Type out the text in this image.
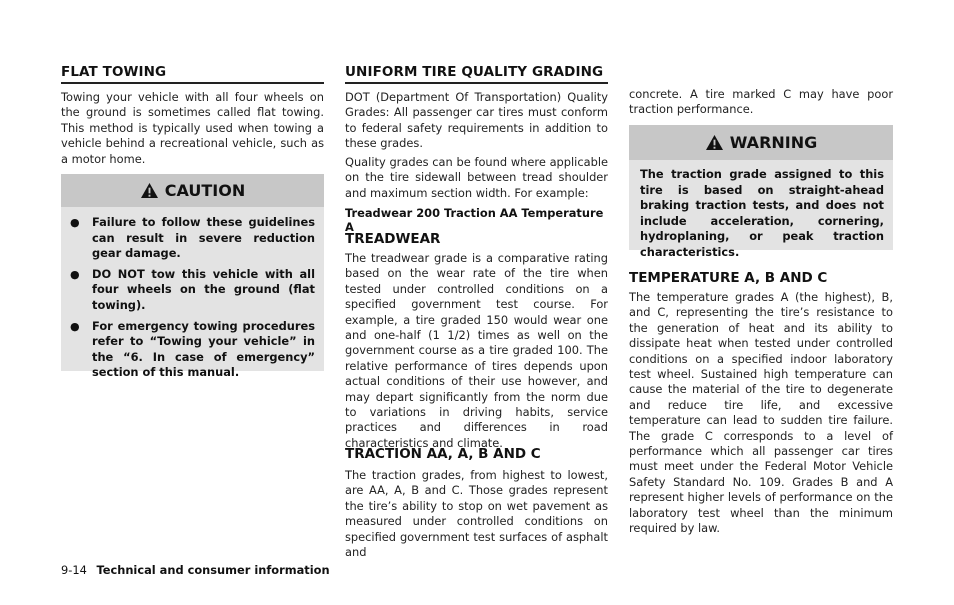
FLAT TOWING
Towing your vehicle with all four wheels on the ground is sometimes called flat towing. This method is typically used when towing a vehicle behind a recreational vehicle, such as a motor home.
CAUTION
● Failure to follow these guidelines can result in severe reduction gear damage.
● DO NOT tow this vehicle with all four wheels on the ground (flat towing).
● For emergency towing procedures refer to “Towing your vehicle” in the “6. In case of emergency” section of this manual.
UNIFORM TIRE QUALITY GRADING
DOT (Department Of Transportation) Quality Grades: All passenger car tires must conform to federal safety requirements in addition to these grades.
Quality grades can be found where applicable on the tire sidewall between tread shoulder and maximum section width. For example:
Treadwear 200 Traction AA Temperature A
TREADWEAR
The treadwear grade is a comparative rating based on the wear rate of the tire when tested under controlled conditions on a specified government test course. For example, a tire graded 150 would wear one and one-half (1 1/2) times as well on the government course as a tire graded 100. The relative performance of tires depends upon actual conditions of their use however, and may depart significantly from the norm due to variations in driving habits, service practices and differences in road characteristics and climate.
TRACTION AA, A, B AND C
The traction grades, from highest to lowest, are AA, A, B and C. Those grades represent the tire’s ability to stop on wet pavement as measured under controlled conditions on specified government test surfaces of asphalt and
concrete. A tire marked C may have poor traction performance.
WARNING
The traction grade assigned to this tire is based on straight-ahead braking traction tests, and does not include acceleration, cornering, hydroplaning, or peak traction characteristics.
TEMPERATURE A, B AND C
The temperature grades A (the highest), B, and C, representing the tire’s resistance to the generation of heat and its ability to dissipate heat when tested under controlled conditions on a specified indoor laboratory test wheel. Sustained high temperature can cause the material of the tire to degenerate and reduce tire life, and excessive temperature can lead to sudden tire failure. The grade C corresponds to a level of performance which all passenger car tires must meet under the Federal Motor Vehicle Safety Standard No. 109. Grades B and A represent higher levels of performance on the laboratory test wheel than the minimum required by law.
9-14 Technical and consumer information
